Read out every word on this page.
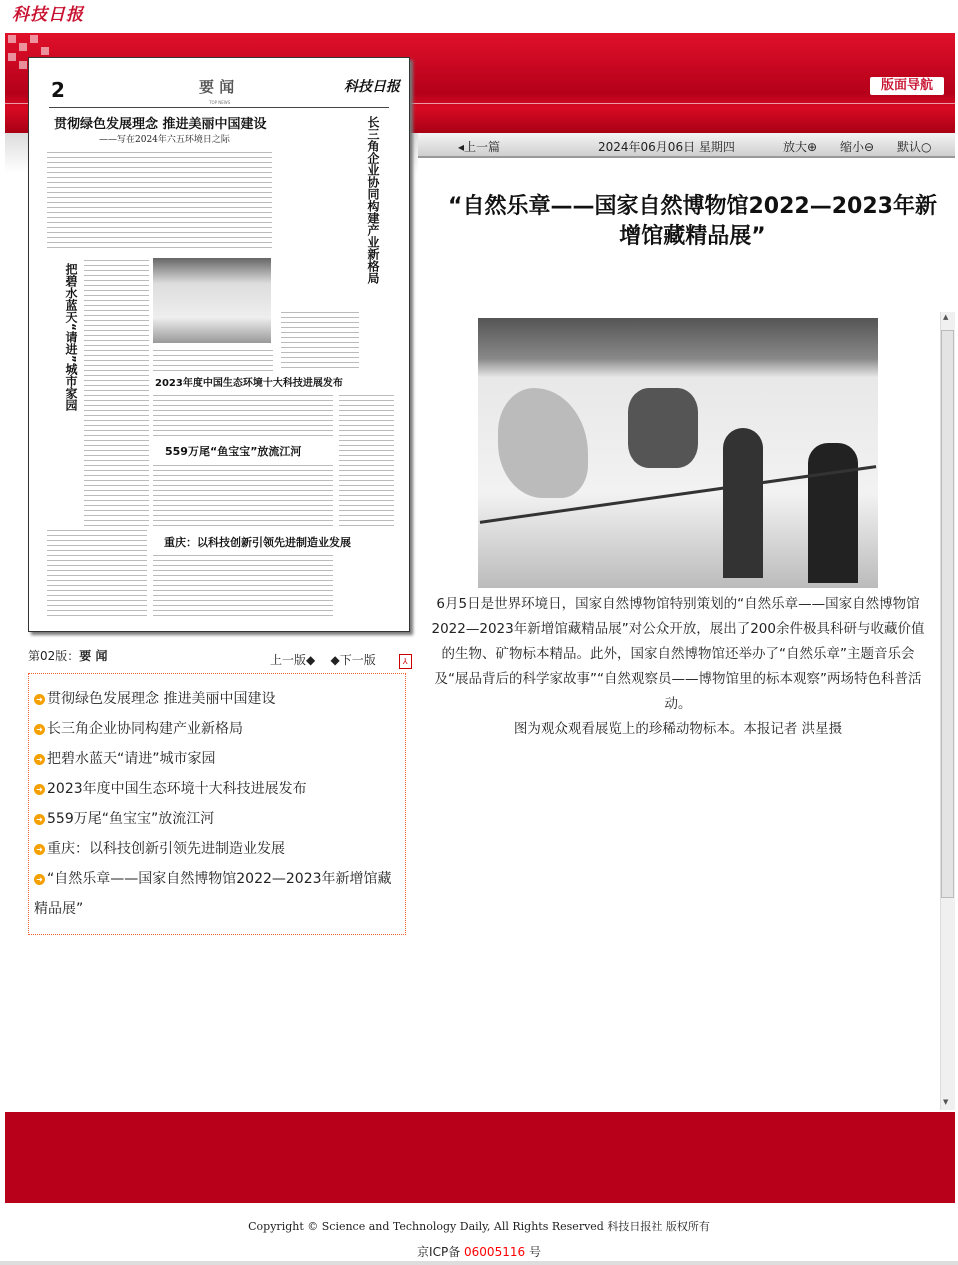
科技日报
版面导航
◂上一篇	2024年06月06日 星期四	放大⊕ 缩小⊖ 默认○
2	要 闻
TOP NEWS
科技日报
贯彻绿色发展理念 推进美丽中国建设
——写在2024年六五环境日之际	长三角企业协同构建产业新格局
把碧水蓝天“请进”城市家园	2023年度中国生态环境十大科技进展发布
559万尾“鱼宝宝”放流江河
重庆：以科技创新引领先进制造业发展
第02版：要 闻	上一版◆ ◆下一版	⅄
➜ 贯彻绿色发展理念 推进美丽中国建设
➜ 长三角企业协同构建产业新格局
➜ 把碧水蓝天“请进”城市家园
➜ 2023年度中国生态环境十大科技进展发布
➜ 559万尾“鱼宝宝”放流江河
➜ 重庆：以科技创新引领先进制造业发展
➜ “自然乐章——国家自然博物馆2022—2023年新增馆藏精品展”
“自然乐章——国家自然博物馆2022—2023年新增馆藏精品展”

6月5日是世界环境日，国家自然博物馆特别策划的“自然乐章——国家自然博物馆2022—2023年新增馆藏精品展”对公众开放，展出了200余件极具科研与收藏价值的生物、矿物标本精品。此外，国家自然博物馆还举办了“自然乐章”主题音乐会及“展品背后的科学家故事”“自然观察员——博物馆里的标本观察”两场特色科普活动。

图为观众观看展览上的珍稀动物标本。本报记者 洪星摄

▲
▼
Copyright © Science and Technology Daily, All Rights Reserved 科技日报社 版权所有
京ICP备 06005116 号
